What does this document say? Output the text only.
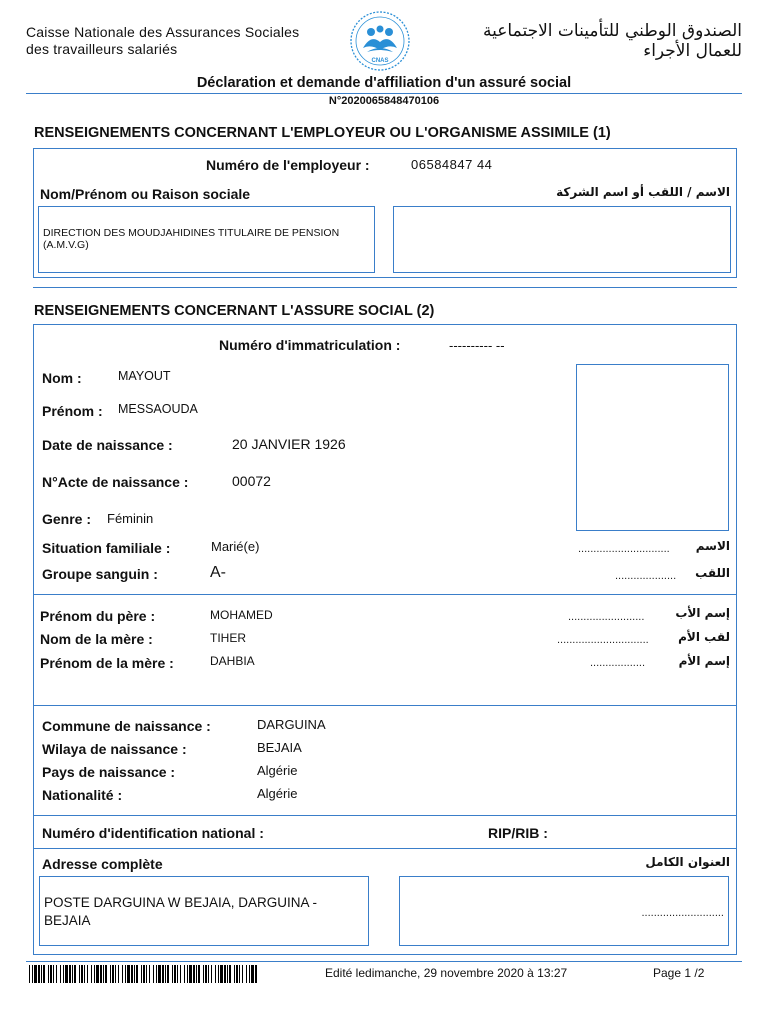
Caisse Nationale des Assurances Sociales
des travailleurs salariés
CNAS
الصندوق الوطني للتأمينات الاجتماعية
للعمال الأجراء
Déclaration et demande d'affiliation d'un assuré social
N°2020065848470106
RENSEIGNEMENTS CONCERNANT L'EMPLOYEUR OU L'ORGANISME ASSIMILE (1)
Numéro de l'employeur :	06584847 44
Nom/Prénom ou Raison sociale	الاسم / اللقب أو اسم الشركة
DIRECTION DES MOUDJAHIDINES TITULAIRE DE PENSION (A.M.V.G)
RENSEIGNEMENTS CONCERNANT L'ASSURE SOCIAL (2)
Numéro d'immatriculation :	---------- --
Nom :	MAYOUT
Prénom : MESSAOUDA
Date de naissance :	20 JANVIER 1926
N°Acte de naissance :	00072
Genre : Féminin
Situation familiale :	Marié(e)	.............................. الاسم
Groupe sanguin :	A-	.................... اللقب
Prénom du père :	MOHAMED	.........................	إسم الأب
Nom de la mère :	TIHER	.............................. لقب الأم
Prénom de la mère :	DAHBIA	..................	إسم الأم
Commune de naissance :	DARGUINA
Wilaya de naissance :	BEJAIA
Pays de naissance :	Algérie
Nationalité :	Algérie
Numéro d'identification national :	RIP/RIB :
Adresse complète	العنوان الكامل
POSTE DARGUINA W BEJAIA, DARGUINA - BEJAIA	...........................
Edité ledimanche, 29 novembre 2020 à 13:27	Page 1 /2
